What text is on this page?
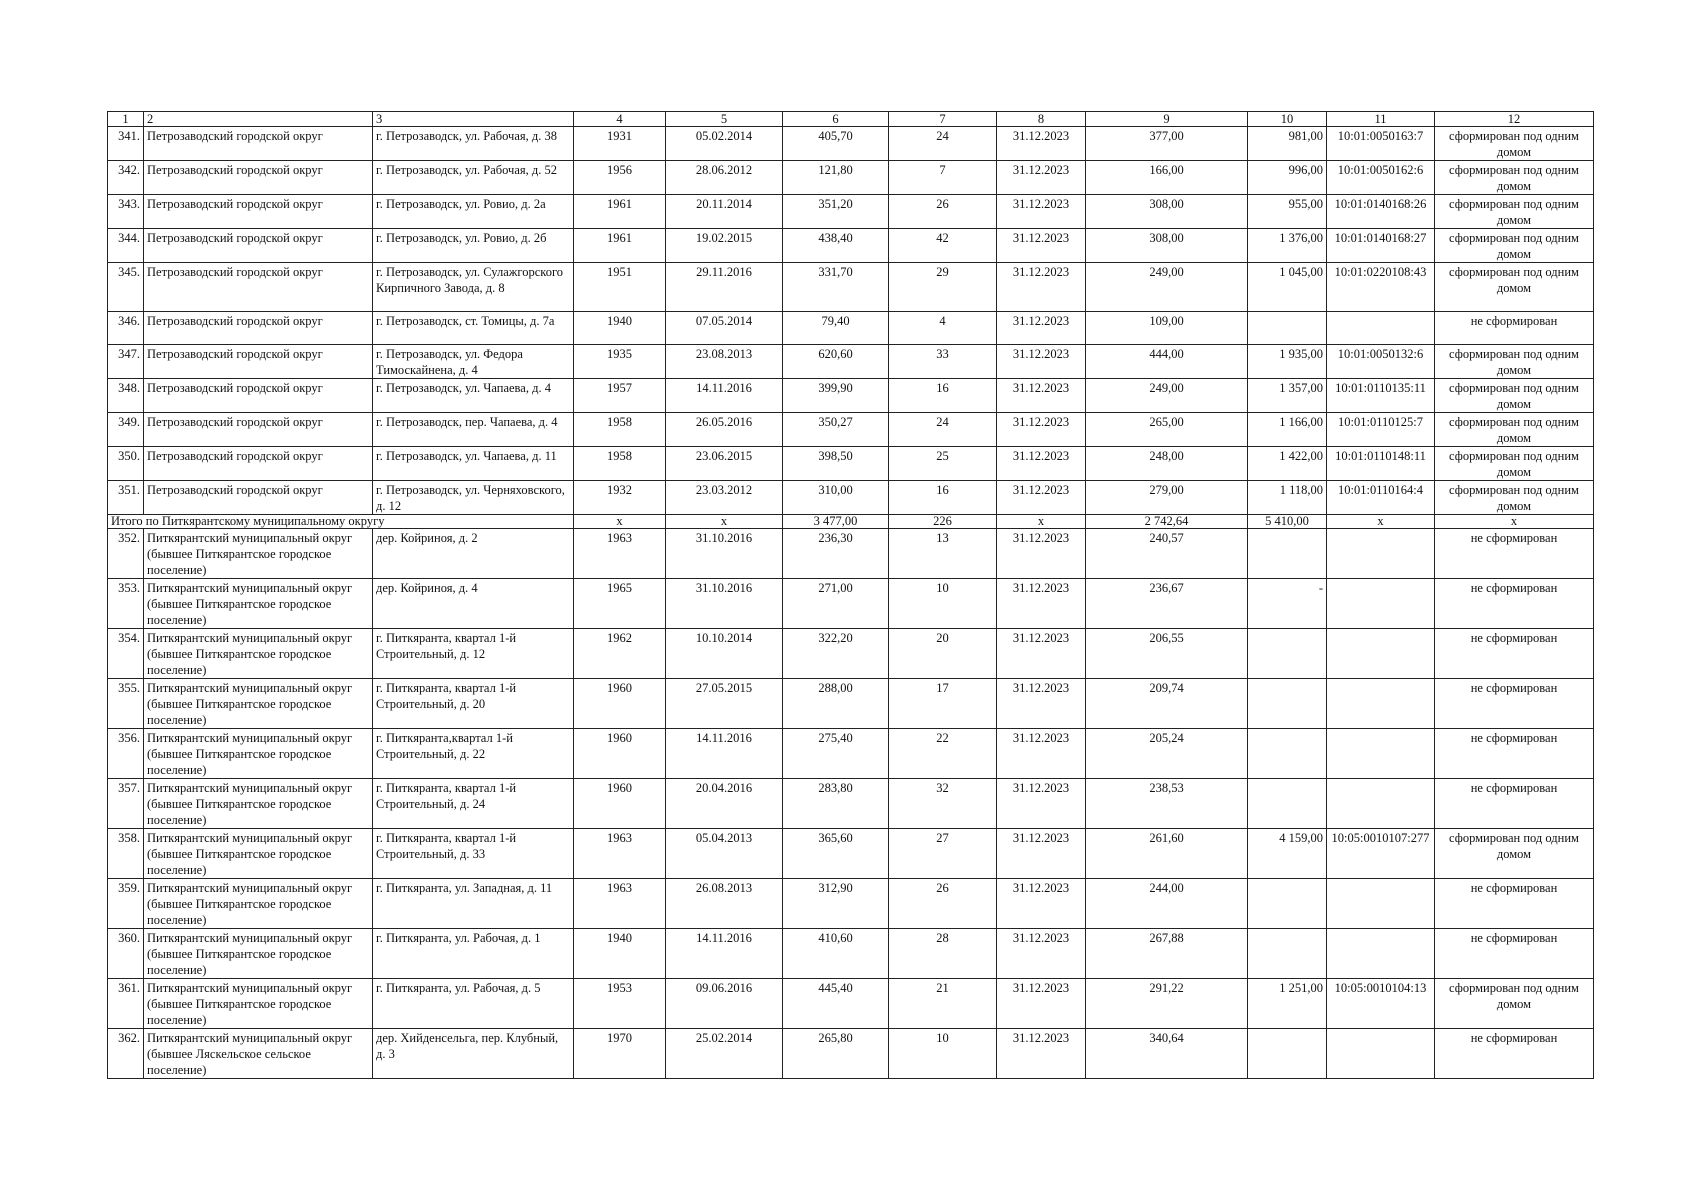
1	2	3	4	5	6	7	8	9	10	11	12
341.	Петрозаводский городской округ	г. Петрозаводск, ул. Рабочая, д. 38	1931	05.02.2014	405,70	24	31.12.2023	377,00	981,00	10:01:0050163:7	сформирован под одним домом
342.	Петрозаводский городской округ	г. Петрозаводск, ул. Рабочая, д. 52	1956	28.06.2012	121,80	7	31.12.2023	166,00	996,00	10:01:0050162:6	сформирован под одним домом
343.	Петрозаводский городской округ	г. Петрозаводск, ул. Ровио, д. 2а	1961	20.11.2014	351,20	26	31.12.2023	308,00	955,00	10:01:0140168:26	сформирован под одним домом
344.	Петрозаводский городской округ	г. Петрозаводск, ул. Ровио, д. 2б	1961	19.02.2015	438,40	42	31.12.2023	308,00	1 376,00	10:01:0140168:27	сформирован под одним домом
345.	Петрозаводский городской округ	г. Петрозаводск, ул. Сулажгорского Кирпичного Завода, д. 8	1951	29.11.2016	331,70	29	31.12.2023	249,00	1 045,00	10:01:0220108:43	сформирован под одним домом
346.	Петрозаводский городской округ	г. Петрозаводск, ст. Томицы, д. 7а	1940	07.05.2014	79,40	4	31.12.2023	109,00			не сформирован
347.	Петрозаводский городской округ	г. Петрозаводск, ул. Федора Тимоскайнена, д. 4	1935	23.08.2013	620,60	33	31.12.2023	444,00	1 935,00	10:01:0050132:6	сформирован под одним домом
348.	Петрозаводский городской округ	г. Петрозаводск, ул. Чапаева, д. 4	1957	14.11.2016	399,90	16	31.12.2023	249,00	1 357,00	10:01:0110135:11	сформирован под одним домом
349.	Петрозаводский городской округ	г. Петрозаводск, пер. Чапаева, д. 4	1958	26.05.2016	350,27	24	31.12.2023	265,00	1 166,00	10:01:0110125:7	сформирован под одним домом
350.	Петрозаводский городской округ	г. Петрозаводск, ул. Чапаева, д. 11	1958	23.06.2015	398,50	25	31.12.2023	248,00	1 422,00	10:01:0110148:11	сформирован под одним домом
351.	Петрозаводский городской округ	г. Петрозаводск, ул. Черняховского, д. 12	1932	23.03.2012	310,00	16	31.12.2023	279,00	1 118,00	10:01:0110164:4	сформирован под одним домом
Итого по Питкярантскому муниципальному округу			x	x	3 477,00	226	x	2 742,64	5 410,00	x	x
352.	Питкярантский муниципальный округ (бывшее Питкярантское городское поселение)	дер. Койриноя, д. 2	1963	31.10.2016	236,30	13	31.12.2023	240,57			не сформирован
353.	Питкярантский муниципальный округ (бывшее Питкярантское городское поселение)	дер. Койриноя, д. 4	1965	31.10.2016	271,00	10	31.12.2023	236,67	-		не сформирован
354.	Питкярантский муниципальный округ (бывшее Питкярантское городское поселение)	г. Питкяранта, квартал 1-й Строительный, д. 12	1962	10.10.2014	322,20	20	31.12.2023	206,55			не сформирован
355.	Питкярантский муниципальный округ (бывшее Питкярантское городское поселение)	г. Питкяранта, квартал 1-й Строительный, д. 20	1960	27.05.2015	288,00	17	31.12.2023	209,74			не сформирован
356.	Питкярантский муниципальный округ (бывшее Питкярантское городское поселение)	г. Питкяранта,квартал 1-й Строительный, д. 22	1960	14.11.2016	275,40	22	31.12.2023	205,24			не сформирован
357.	Питкярантский муниципальный округ (бывшее Питкярантское городское поселение)	г. Питкяранта, квартал 1-й Строительный, д. 24	1960	20.04.2016	283,80	32	31.12.2023	238,53			не сформирован
358.	Питкярантский муниципальный округ (бывшее Питкярантское городское поселение)	г. Питкяранта, квартал 1-й Строительный, д. 33	1963	05.04.2013	365,60	27	31.12.2023	261,60	4 159,00	10:05:0010107:277	сформирован под одним домом
359.	Питкярантский муниципальный округ (бывшее Питкярантское городское поселение)	г. Питкяранта, ул. Западная, д. 11	1963	26.08.2013	312,90	26	31.12.2023	244,00			не сформирован
360.	Питкярантский муниципальный округ (бывшее Питкярантское городское поселение)	г. Питкяранта, ул. Рабочая, д. 1	1940	14.11.2016	410,60	28	31.12.2023	267,88			не сформирован
361.	Питкярантский муниципальный округ (бывшее Питкярантское городское поселение)	г. Питкяранта, ул. Рабочая, д. 5	1953	09.06.2016	445,40	21	31.12.2023	291,22	1 251,00	10:05:0010104:13	сформирован под одним домом
362.	Питкярантский муниципальный округ (бывшее Ляскельское сельское поселение)	дер. Хийденсельга, пер. Клубный, д. 3	1970	25.02.2014	265,80	10	31.12.2023	340,64			не сформирован
